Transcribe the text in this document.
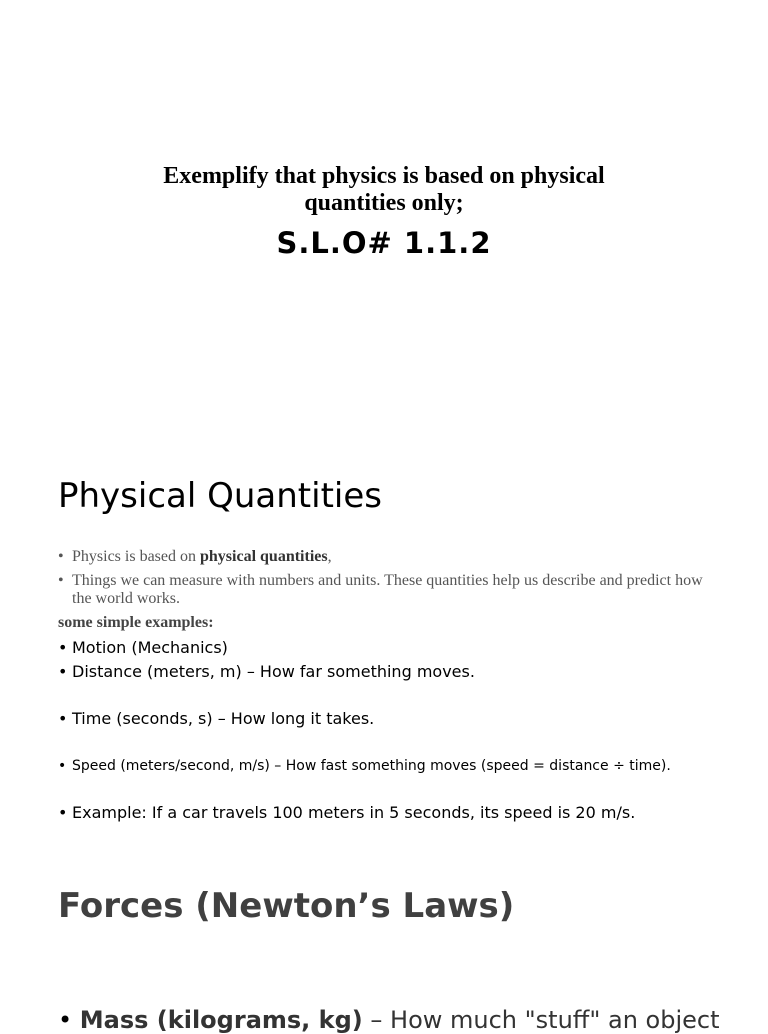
Exemplify that physics is based on physical quantities only;
S.L.O# 1.1.2
Physical Quantities
• Physics is based on physical quantities,
• Things we can measure with numbers and units. These quantities help us describe and predict how the world works.
some simple examples:
• Motion (Mechanics)
• Distance (meters, m) – How far something moves.
• Time (seconds, s) – How long it takes.
• Speed (meters/second, m/s) – How fast something moves (speed = distance ÷ time).
• Example: If a car travels 100 meters in 5 seconds, its speed is 20 m/s.
Forces (Newton’s Laws)
• Mass (kilograms, kg) – How much "stuff" an object
